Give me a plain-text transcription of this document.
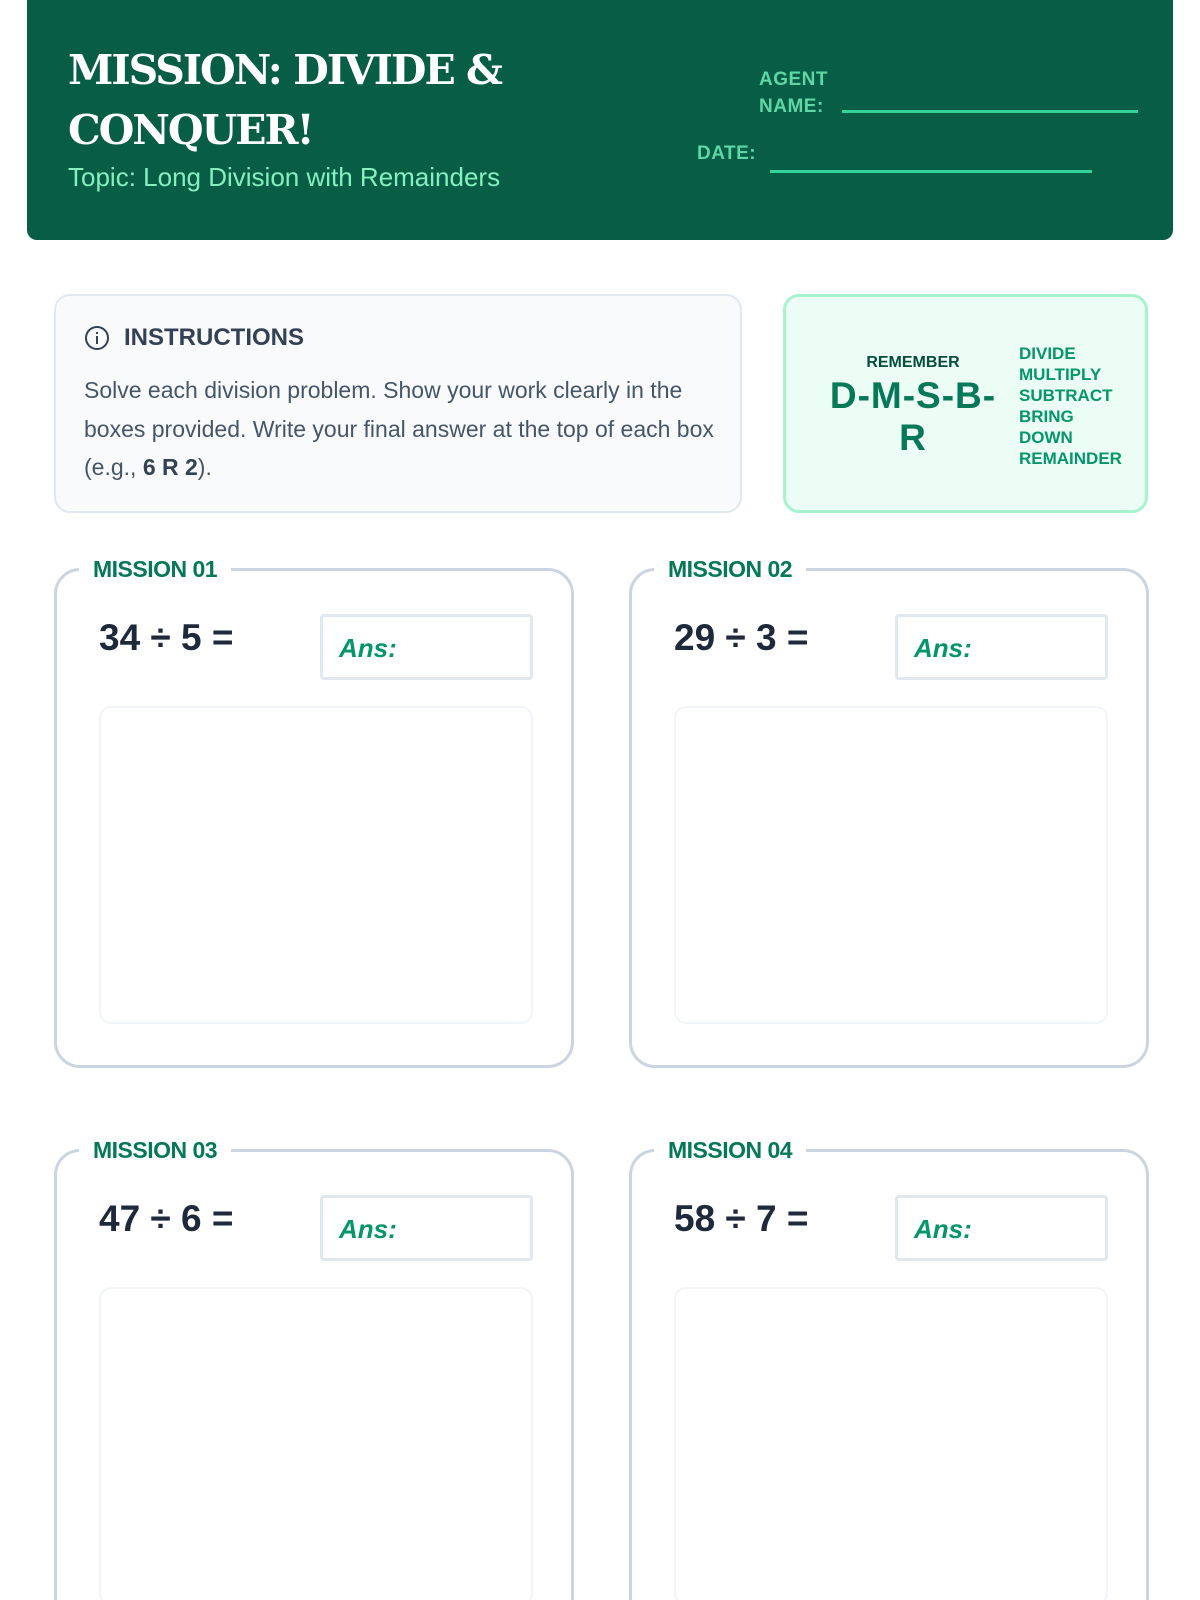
MISSION: DIVIDE & CONQUER!
Topic: Long Division with Remainders
AGENT
NAME:
DATE:
INSTRUCTIONS
Solve each division problem. Show your work clearly in the boxes provided. Write your final answer at the top of each box (e.g., 6 R 2).
REMEMBER
D-M-S-B-
R
DIVIDE
MULTIPLY
SUBTRACT
BRING
DOWN
REMAINDER
MISSION 01
34 ÷ 5 =	Ans:
MISSION 02
29 ÷ 3 =	Ans:
MISSION 03
47 ÷ 6 =	Ans:
MISSION 04
58 ÷ 7 =	Ans:
